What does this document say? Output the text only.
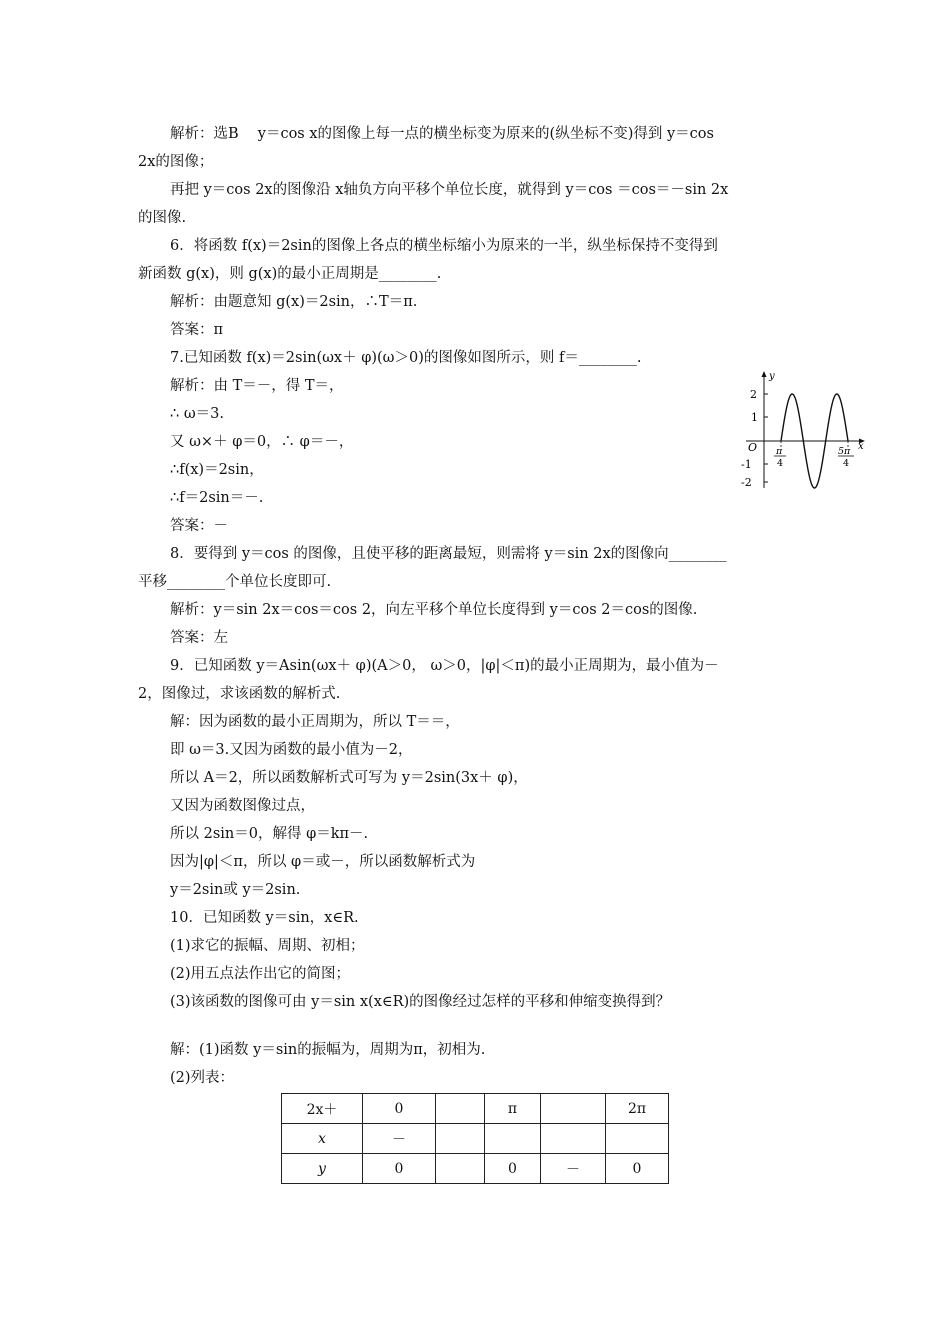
解析：选B　 y＝cos x的图像上每一点的横坐标变为原来的(纵坐标不变)得到 y＝cos
2x的图像；
再把 y＝cos 2x的图像沿 x轴负方向平移个单位长度，就得到 y＝cos ＝cos＝－sin 2x
的图像.
6．将函数 f(x)＝2sin的图像上各点的横坐标缩小为原来的一半，纵坐标保持不变得到
新函数 g(x)，则 g(x)的最小正周期是________.
解析：由题意知 g(x)＝2sin，∴T＝π.
答案：π
7.已知函数 f(x)＝2sin(ωx＋ φ)(ω＞0)的图像如图所示，则 f＝________.
解析：由 T＝－，得 T＝，
∴ ω＝3.
又 ω×＋ φ＝0，∴ φ＝－，
∴f(x)＝2sin，
∴f＝2sin＝－.
答案：－
8．要得到 y＝cos 的图像，且使平移的距离最短，则需将 y＝sin 2x的图像向________
平移________个单位长度即可.
解析：y＝sin 2x＝cos＝cos 2，向左平移个单位长度得到 y＝cos 2＝cos的图像.
答案：左
9．已知函数 y＝Asin(ωx＋ φ)(A＞0， ω＞0，|φ|＜π)的最小正周期为，最小值为－
2，图像过，求该函数的解析式.
解：因为函数的最小正周期为，所以 T＝＝，
即 ω＝3.又因为函数的最小值为－2，
所以 A＝2，所以函数解析式可写为 y＝2sin(3x＋ φ)，
又因为函数图像过点，
所以 2sin＝0，解得 φ＝kπ－.
因为|φ|＜π，所以 φ＝或－，所以函数解析式为
y＝2sin或 y＝2sin.
10．已知函数 y＝sin，x∈R.
(1)求它的振幅、周期、初相；
(2)用五点法作出它的简图；
(3)该函数的图像可由 y＝sin x(x∈R)的图像经过怎样的平移和伸缩变换得到？
解：(1)函数 y＝sin的振幅为，周期为π，初相为.
(2)列表：
y
x
O
2
1
-1
-2
π
4
5π
4
2x＋	0		π		2π
x	－				
y	0		0	－	0
